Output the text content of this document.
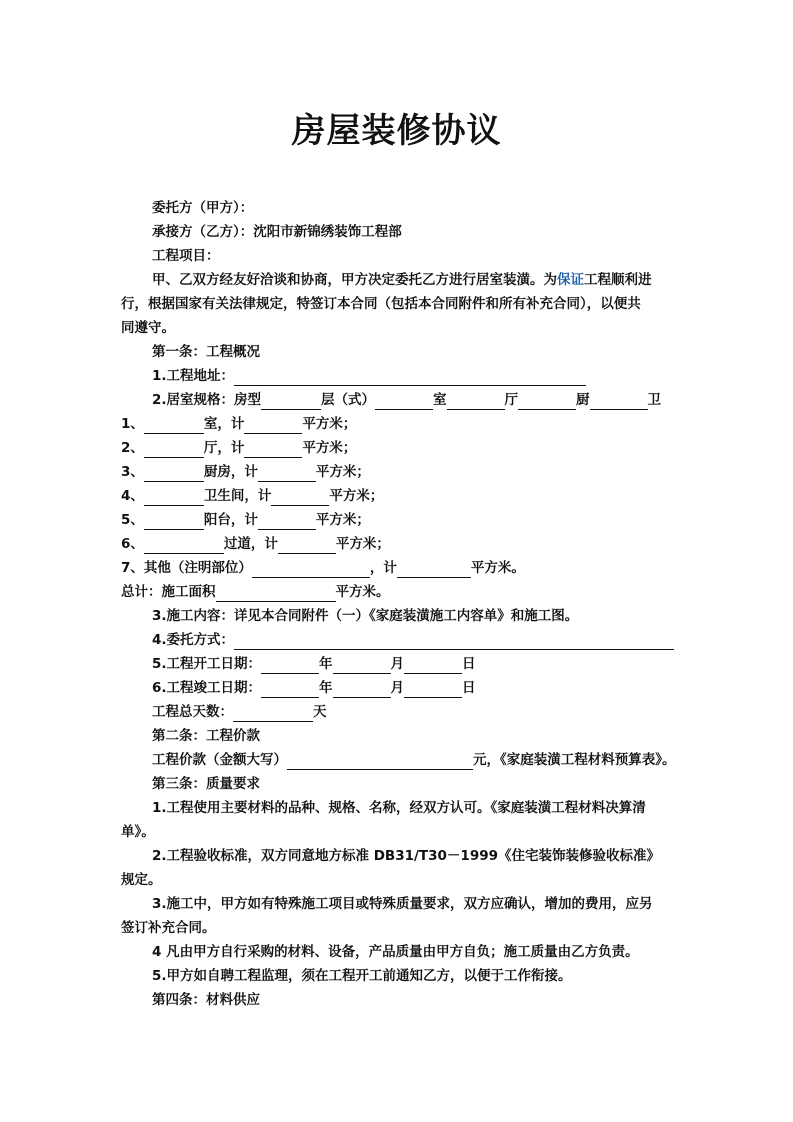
房屋装修协议
委托方（甲方）：
承接方（乙方）：沈阳市新锦绣装饰工程部
工程项目：
甲、乙双方经友好洽谈和协商，甲方决定委托乙方进行居室装潢。为保证工程顺利进
行，根据国家有关法律规定，特签订本合同（包括本合同附件和所有补充合同），以便共
同遵守。
第一条：工程概况
1.工程地址：
2.居室规格：房型	层（式）	室	厅	厨	卫
1、	室，计	平方米；
2、	厅，计	平方米；
3、	厨房，计	平方米；
4、	卫生间，计	平方米；
5、	阳台，计	平方米；
6、	过道，计	平方米；
7、其他（注明部位）	，计	平方米。
总计：施工面积	平方米。
3.施工内容：详见本合同附件（一）《家庭装潢施工内容单》和施工图。
4.委托方式：
5.工程开工日期：	年	月	日
6.工程竣工日期：	年	月	日
工程总天数：	天
第二条：工程价款
工程价款（金额大写）	元，《家庭装潢工程材料预算表》。
第三条：质量要求
1.工程使用主要材料的品种、规格、名称，经双方认可。《家庭装潢工程材料决算清
单》。
2.工程验收标准，双方同意地方标准 DB31/T30－1999《住宅装饰装修验收标准》
规定。
3.施工中，甲方如有特殊施工项目或特殊质量要求，双方应确认，增加的费用，应另
签订补充合同。
4 凡由甲方自行采购的材料、设备，产品质量由甲方自负；施工质量由乙方负责。
5.甲方如自聘工程监理，须在工程开工前通知乙方，以便于工作衔接。
第四条：材料供应
